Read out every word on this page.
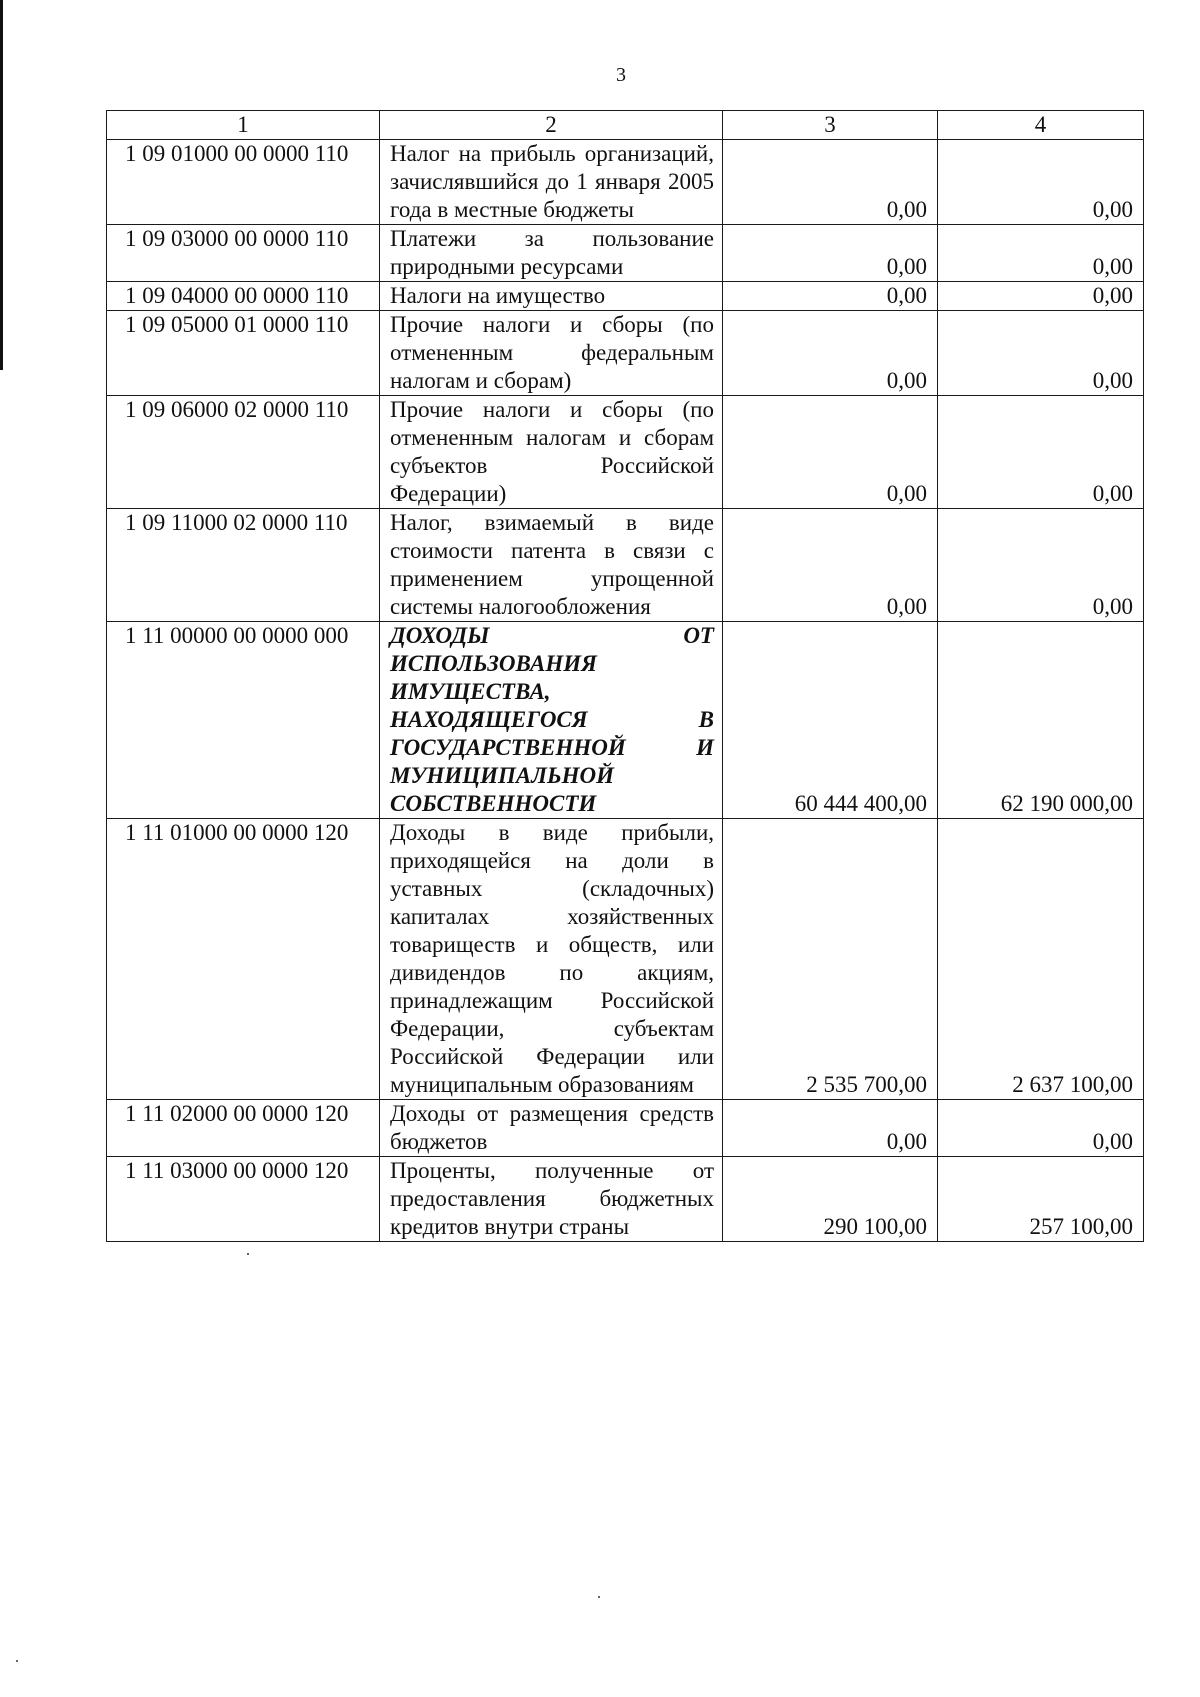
3
1	2	3	4
1 09 01000 00 0000 110	Налог на прибыль организаций, зачислявшийся до 1 января 2005 года в местные бюджеты	0,00	0,00
1 09 03000 00 0000 110	Платежи за пользование природными ресурсами	0,00	0,00
1 09 04000 00 0000 110	Налоги на имущество	0,00	0,00
1 09 05000 01 0000 110	Прочие налоги и сборы (по отмененным федеральным налогам и сборам)	0,00	0,00
1 09 06000 02 0000 110	Прочие налоги и сборы (по отмененным налогам и сборам субъектов Российской Федерации)	0,00	0,00
1 09 11000 02 0000 110	Налог, взимаемый в виде стоимости патента в связи с применением упрощенной системы налогообложения	0,00	0,00
1 11 00000 00 0000 000	ДОХОДЫ ОТ ИСПОЛЬЗОВАНИЯ ИМУЩЕСТВА, НАХОДЯЩЕГОСЯ В ГОСУДАРСТВЕННОЙ И МУНИЦИПАЛЬНОЙ СОБСТВЕННОСТИ	60 444 400,00	62 190 000,00
1 11 01000 00 0000 120	Доходы в виде прибыли, приходящейся на доли в уставных (складочных) капиталах хозяйственных товариществ и обществ, или дивидендов по акциям, принадлежащим Российской Федерации, субъектам Российской Федерации или муниципальным образованиям	2 535 700,00	2 637 100,00
1 11 02000 00 0000 120	Доходы от размещения средств бюджетов	0,00	0,00
1 11 03000 00 0000 120	Проценты, полученные от предоставления бюджетных кредитов внутри страны	290 100,00	257 100,00
